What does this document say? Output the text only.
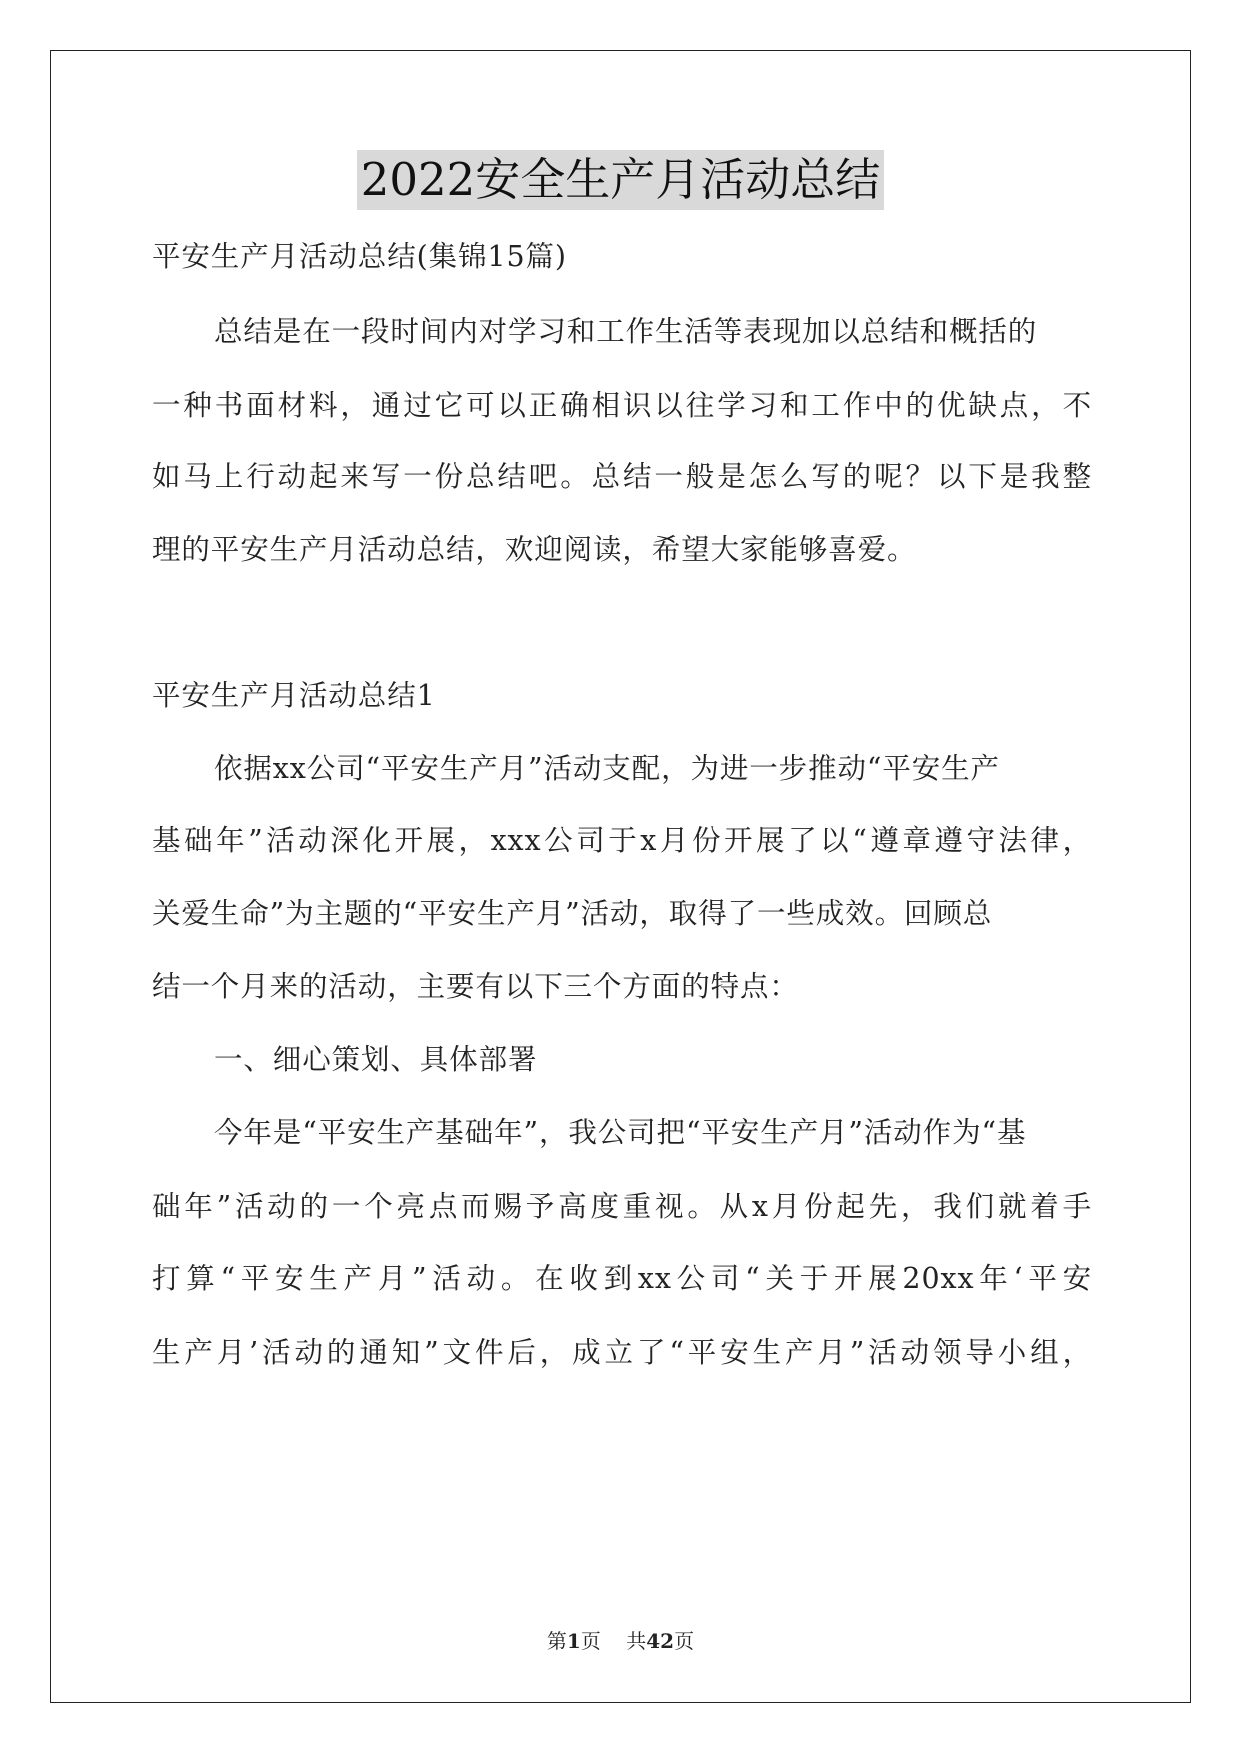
2022安全生产月活动总结
平安生产月活动总结(集锦15篇)
总结是在一段时间内对学习和工作生活等表现加以总结和概括的
一种书面材料，通过它可以正确相识以往学习和工作中的优缺点，不
如马上行动起来写一份总结吧。总结一般是怎么写的呢？以下是我整
理的平安生产月活动总结，欢迎阅读，希望大家能够喜爱。
平安生产月活动总结1
依据xx公司“平安生产月”活动支配，为进一步推动“平安生产
基础年”活动深化开展，xxx公司于x月份开展了以“遵章遵守法律，
关爱生命”为主题的“平安生产月”活动，取得了一些成效。回顾总
结一个月来的活动，主要有以下三个方面的特点：
一、细心策划、具体部署
今年是“平安生产基础年”，我公司把“平安生产月”活动作为“基
础年”活动的一个亮点而赐予高度重视。从x月份起先，我们就着手
打算“平安生产月”活动。在收到xx公司“关于开展20xx年‘平安
生产月’活动的通知”文件后，成立了“平安生产月”活动领导小组，
第1页 共42页
